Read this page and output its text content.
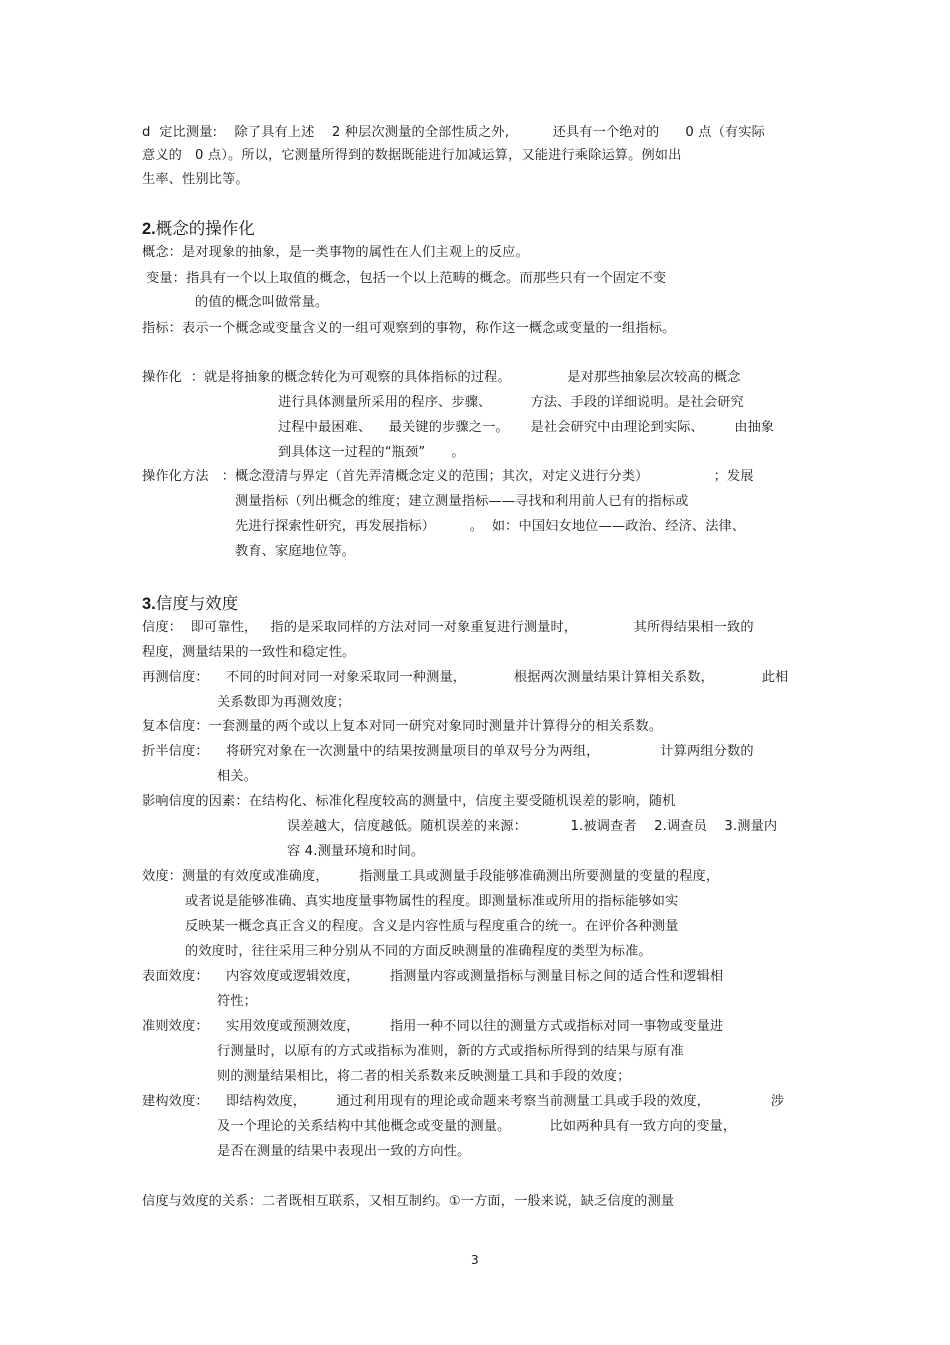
2.概念的操作化
3.信度与效度
d  定比测量:    除了具有上述    2 种层次测量的全部性质之外,          还具有一个绝对的      0 点（有实际
意义的   0 点）。所以，它测量所得到的数据既能进行加减运算，又能进行乘除运算。例如出
生率、性别比等。
概念：是对现象的抽象，是一类事物的属性在人们主观上的反应。
变量：指具有一个以上取值的概念，包括一个以上范畴的概念。而那些只有一个固定不变
的值的概念叫做常量。
指标：表示一个概念或变量含义的一组可观察到的事物，称作这一概念或变量的一组指标。
操作化  ：就是将抽象的概念转化为可观察的具体指标的过程。             是对那些抽象层次较高的概念
进行具体测量所采用的程序、步骤、         方法、手段的详细说明。是社会研究
过程中最困难、    最关键的步骤之一。     是社会研究中由理论到实际、       由抽象
到具体这一过程的“瓶颈”      。
操作化方法   ：概念澄清与界定（首先弄清概念定义的范围；其次，对定义进行分类）               ；发展
测量指标（列出概念的维度；建立测量指标——寻找和利用前人已有的指标或
先进行探索性研究，再发展指标）        。  如：中国妇女地位——政治、经济、法律、
教育、家庭地位等。
信度：  即可靠性，   指的是采取同样的方法对同一对象重复进行测量时，             其所得结果相一致的
程度，测量结果的一致性和稳定性。
再测信度：    不同的时间对同一对象采取同一种测量，           根据两次测量结果计算相关系数，           此相
关系数即为再测效度；
复本信度：一套测量的两个或以上复本对同一研究对象同时测量并计算得分的相关系数。
折半信度：    将研究对象在一次测量中的结果按测量项目的单双号分为两组，              计算两组分数的
相关。
影响信度的因素：在结构化、标准化程度较高的测量中，信度主要受随机误差的影响，随机
误差越大，信度越低。随机误差的来源：          1.被调查者    2.调查员    3.测量内
容 4.测量环境和时间。
效度：测量的有效度或准确度，       指测量工具或测量手段能够准确测出所要测量的变量的程度，
或者说是能够准确、真实地度量事物属性的程度。即测量标准或所用的指标能够如实
反映某一概念真正含义的程度。含义是内容性质与程度重合的统一。在评价各种测量
的效度时，往往采用三种分别从不同的方面反映测量的准确程度的类型为标准。
表面效度：    内容效度或逻辑效度，       指测量内容或测量指标与测量目标之间的适合性和逻辑相
符性；
准则效度：    实用效度或预测效度，       指用一种不同以往的测量方式或指标对同一事物或变量进
行测量时，以原有的方式或指标为准则，新的方式或指标所得到的结果与原有准
则的测量结果相比，将二者的相关系数来反映测量工具和手段的效度；
建构效度：    即结构效度，       通过利用现有的理论或命题来考察当前测量工具或手段的效度，              涉
及一个理论的关系结构中其他概念或变量的测量。         比如两种具有一致方向的变量，
是否在测量的结果中表现出一致的方向性。
信度与效度的关系：二者既相互联系，又相互制约。①一方面，一般来说，缺乏信度的测量
3
